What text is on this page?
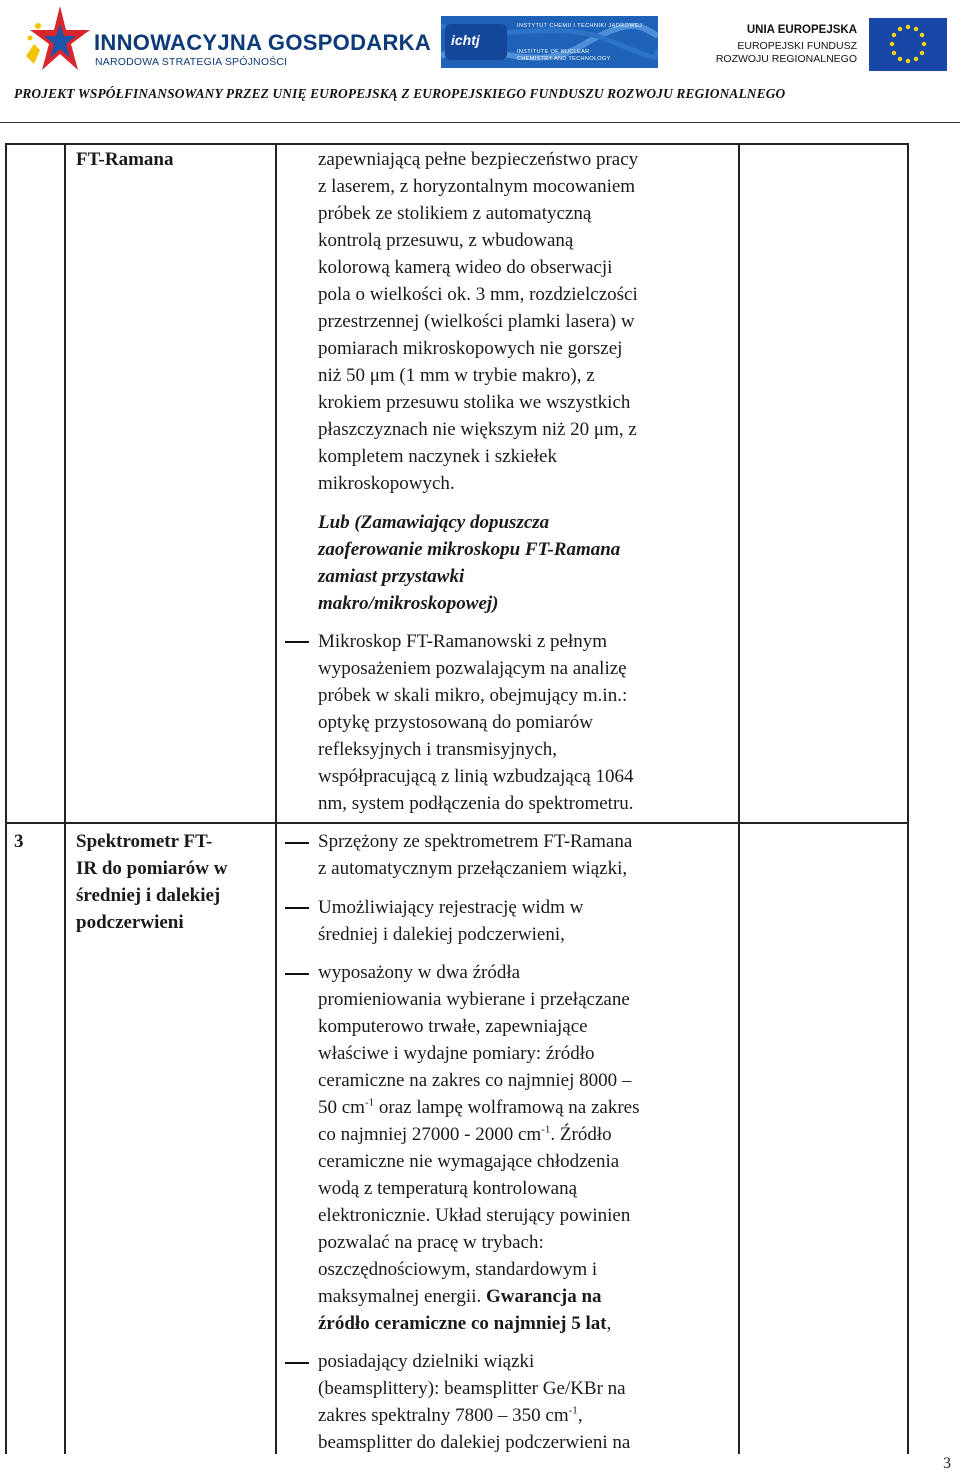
INNOWACYJNA GOSPODARKA
NARODOWA STRATEGIA SPÓJNOŚCI
ichtj
INSTYTUT CHEMII I TECHNIKI JĄDROWEJ
INSTITUTE OF NUCLEAR
CHEMISTRY AND TECHNOLOGY
UNIA EUROPEJSKA
EUROPEJSKI FUNDUSZ
ROZWOJU REGIONALNEGO
PROJEKT WSPÓŁFINANSOWANY PRZEZ UNIĘ EUROPEJSKĄ Z EUROPEJSKIEGO FUNDUSZU ROZWOJU REGIONALNEGO
FT-Ramana	zapewniającą pełne bezpieczeństwo pracy
z laserem, z horyzontalnym mocowaniem
próbek ze stolikiem z automatyczną
kontrolą przesuwu, z wbudowaną
kolorową kamerą wideo do obserwacji
pola o wielkości ok. 3 mm, rozdzielczości
przestrzennej (wielkości plamki lasera) w
pomiarach mikroskopowych nie gorszej
niż 50 μm (1 mm w trybie makro), z
krokiem przesuwu stolika we wszystkich
płaszczyznach nie większym niż 20 μm, z
kompletem naczynek i szkiełek
mikroskopowych.
Lub (Zamawiający dopuszcza
zaoferowanie mikroskopu FT-Ramana
zamiast przystawki
makro/mikroskopowej)
Mikroskop FT-Ramanowski z pełnym
wyposażeniem pozwalającym na analizę
próbek w skali mikro, obejmujący m.in.:
optykę przystosowaną do pomiarów
refleksyjnych i transmisyjnych,
współpracującą z linią wzbudzającą 1064
nm, system podłączenia do spektrometru.
3	Spektrometr FT-
IR do pomiarów w
średniej i dalekiej
podczerwieni
Sprzężony ze spektrometrem FT-Ramana
z automatycznym przełączaniem wiązki,
Umożliwiający rejestrację widm w
średniej i dalekiej podczerwieni,
wyposażony w dwa źródła
promieniowania wybierane i przełączane
komputerowo trwałe, zapewniające
właściwe i wydajne pomiary: źródło
ceramiczne na zakres co najmniej 8000 –
50 $cm^{-1}$ oraz lampę wolframową na zakres
co najmniej 27000 - 2000 $cm^{-1}$. Źródło
ceramiczne nie wymagające chłodzenia
wodą z temperaturą kontrolowaną
elektronicznie. Układ sterujący powinien
pozwalać na pracę w trybach:
oszczędnościowym, standardowym i
maksymalnej energii. Gwarancja na
źródło ceramiczne co najmniej 5 lat,
posiadający dzielniki wiązki
(beamsplittery): beamsplitter Ge/KBr na
zakres spektralny 7800 – 350 $cm^{-1}$,
beamsplitter do dalekiej podczerwieni na
3
